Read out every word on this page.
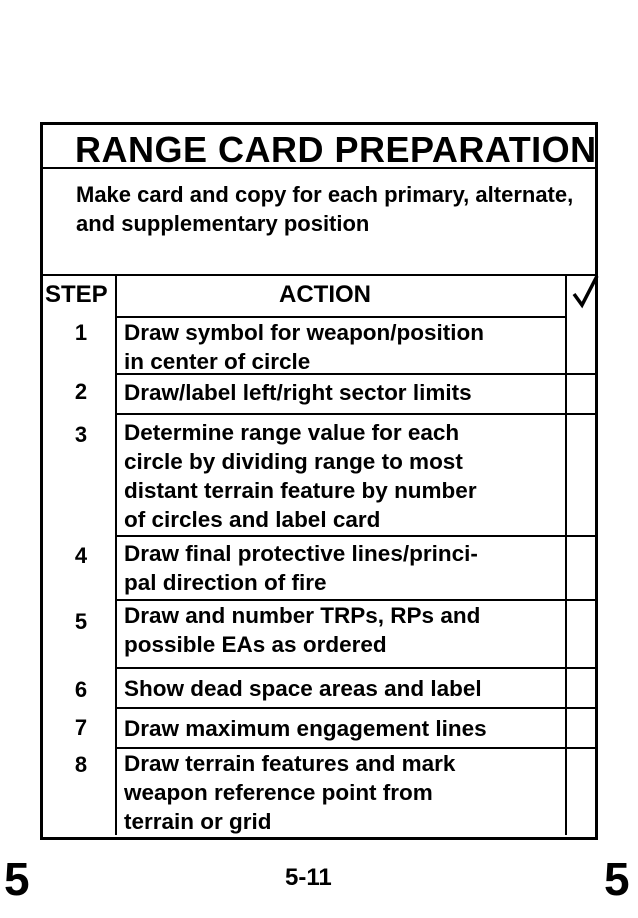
RANGE CARD PREPARATION
Make card and copy for each primary, alternate, and supplementary position
STEP	ACTION
1 Draw symbol for weapon/position
in center of circle
2 Draw/label left/right sector limits
3 Determine range value for each
circle by dividing range to most
distant terrain feature by number
of circles and label card
4 Draw final protective lines/princi-
pal direction of fire
5 Draw and number TRPs, RPs and
possible EAs as ordered
6 Show dead space areas and label
7 Draw maximum engagement lines
8 Draw terrain features and mark
weapon reference point from
terrain or grid
5	5-11	5
